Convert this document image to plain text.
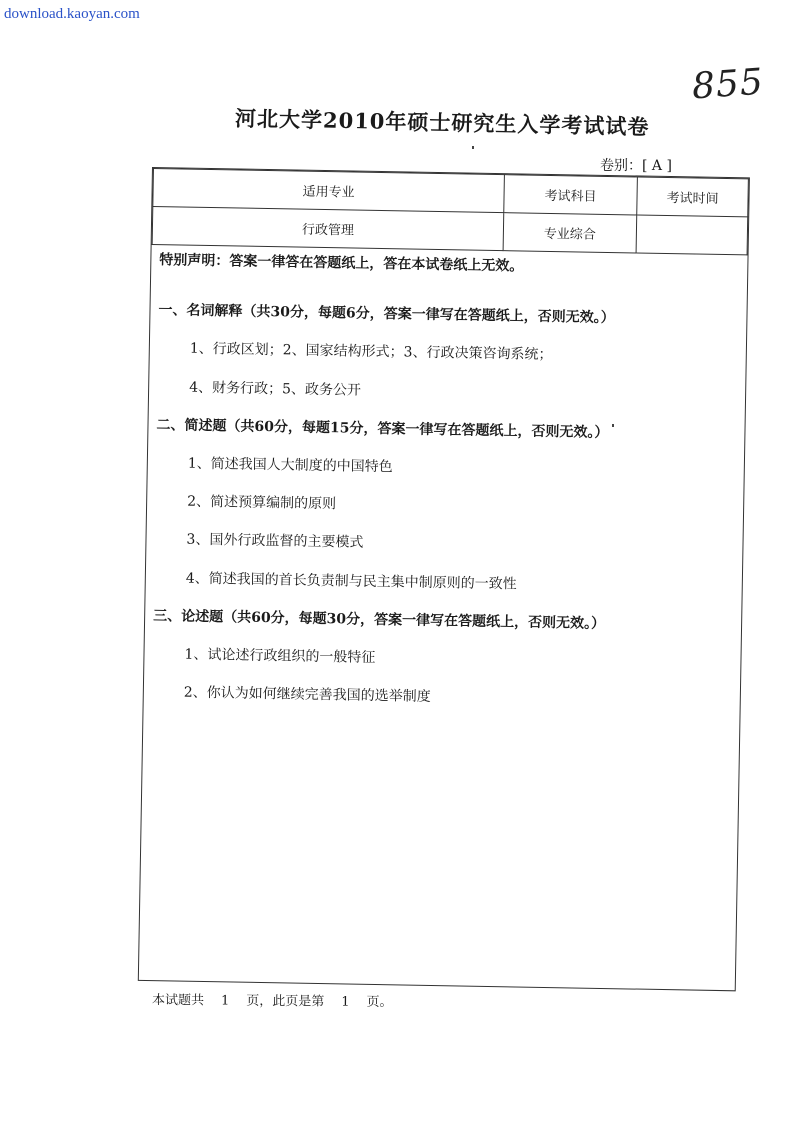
download.kaoyan.com
855
河北大学2010年硕士研究生入学考试试卷
卷别：[ A ]
适用专业	考试科目	考试时间
行政管理	专业综合	
特别声明：答案一律答在答题纸上，答在本试卷纸上无效。
一、名词解释（共30分，每题6分，答案一律写在答题纸上，否则无效。）
1、行政区划；2、国家结构形式；3、行政决策咨询系统；
4、财务行政；5、政务公开
二、简述题（共60分，每题15分，答案一律写在答题纸上，否则无效。）
1、简述我国人大制度的中国特色
2、简述预算编制的原则
3、国外行政监督的主要模式
4、简述我国的首长负责制与民主集中制原则的一致性
三、论述题（共60分，每题30分，答案一律写在答题纸上，否则无效。）
1、试论述行政组织的一般特征
2、你认为如何继续完善我国的选举制度
本试题共 1 页，此页是第 1 页。
